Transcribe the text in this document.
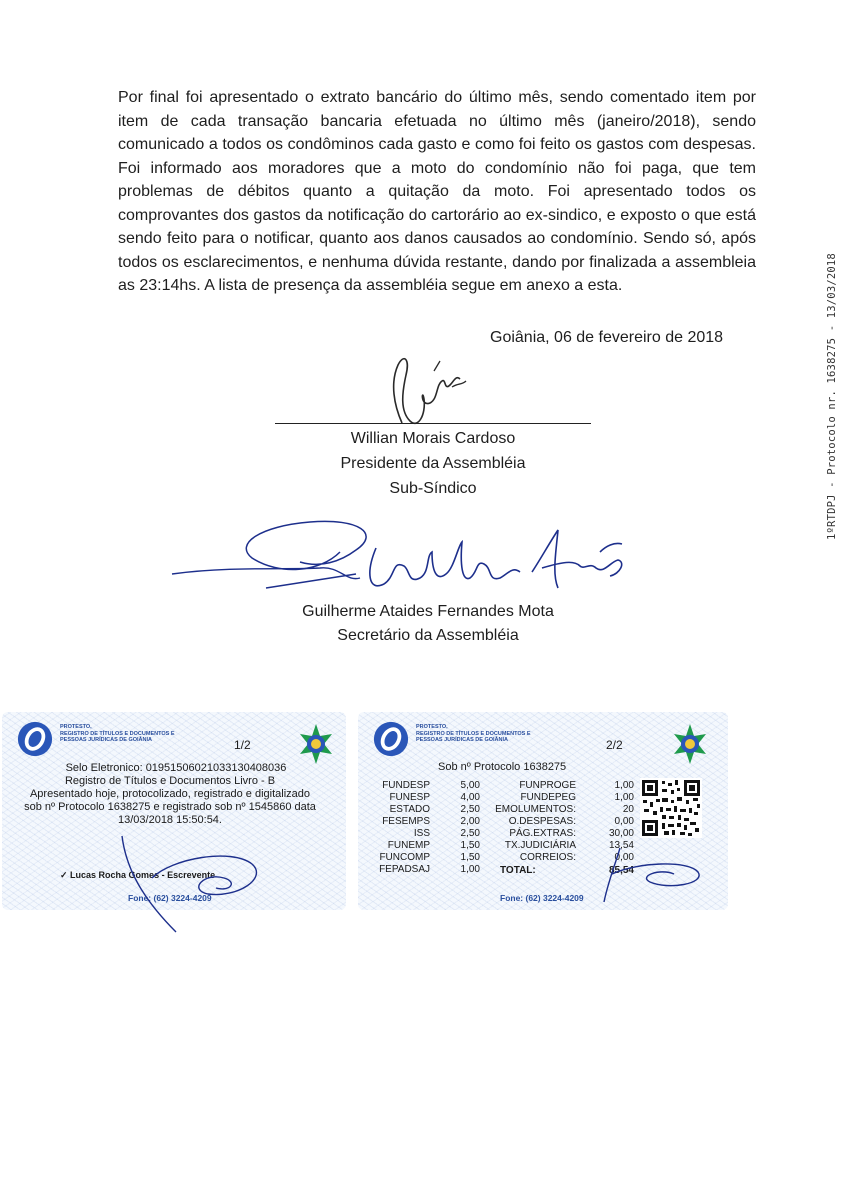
Por final foi apresentado o extrato bancário do último mês, sendo comentado item por item de cada transação bancaria efetuada no último mês (janeiro/2018), sendo comunicado a todos os condôminos cada gasto e como foi feito os gastos com despesas. Foi informado aos moradores que a moto do condomínio não foi paga, que tem problemas de débitos quanto a quitação da moto. Foi apresentado todos os comprovantes dos gastos da notificação do cartorário ao ex-sindico, e exposto o que está sendo feito para o notificar, quanto aos danos causados ao condomínio. Sendo só, após todos os esclarecimentos, e nenhuma dúvida restante, dando por finalizada a assembleia as 23:14hs. A lista de presença da assembléia segue em anexo a esta.

Goiânia, 06 de fevereiro de 2018
Willian Morais Cardoso
Presidente da Assembléia
Sub-Síndico
Guilherme Ataides Fernandes Mota
Secretário da Assembléia
1ºRTDPJ - Protocolo nr. 1638275 - 13/03/2018
PROTESTO,
REGISTRO DE TÍTULOS E DOCUMENTOS E
PESSOAS JURÍDICAS DE GOIÂNIA	1/2
Selo Eletronico: 01951506021033130408036
Registro de Títulos e Documentos Livro - B
Apresentado hoje, protocolizado, registrado e digitalizado
sob nº Protocolo 1638275 e registrado sob nº 1545860 data
13/03/2018 15:50:54.
✓ Lucas Rocha Gomes - Escrevente
Fone: (62) 3224-4209
PROTESTO,
REGISTRO DE TÍTULOS E DOCUMENTOS E
PESSOAS JURÍDICAS DE GOIÂNIA	2/2
Sob nº Protocolo 1638275
FUNDESP	5,00
FUNESP	4,00
ESTADO	2,50
FESEMPS	2,00
ISS	2,50
FUNEMP	1,50
FUNCOMP	1,50
FEPADSAJ	1,00
FUNPROGE	1,00
FUNDEPEG	1,00
EMOLUMENTOS:	20
O.DESPESAS:	0,00
PÁG.EXTRAS:	30,00
TX.JUDICIÁRIA	13,54
CORREIOS:	0,00
TOTAL:	85,54
Fone: (62) 3224-4209
